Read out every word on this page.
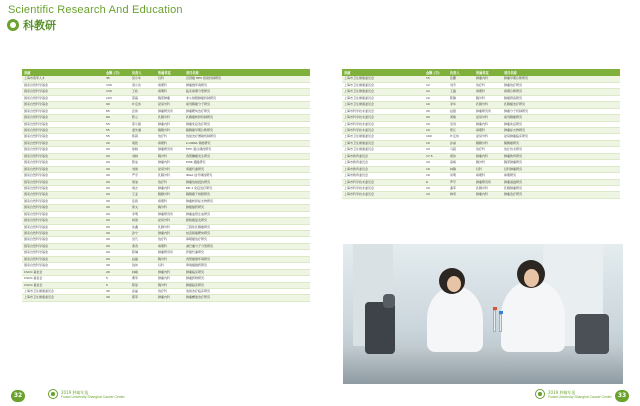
Scientific Research And Education
科教研
来源	金额 (万)	负责人	所属科室	项目名称
上海市领军人才	45	吴小华	妇科	宫颈癌 HPV 感染机制研究
国家自然科学基金	130	蔡小伙	病理科	肿瘤微环境研究
国家自然科学基金	130	王政	病理科	临床病理分型研究
国家自然科学基金	103	邵慈	胸部肿瘤	非小细胞肺癌机制研究
国家自然科学基金	90	叶定伟	泌尿外科	前列腺癌分子研究
国家自然科学基金	65	张智	肿瘤研究所	肿瘤靶向治疗研究
国家自然科学基金	60	陈立	乳腺外科	乳腺癌转移机制研究
国家自然科学基金	55	邵小强	肿瘤内科	肿瘤免疫治疗研究
国家自然科学基金	55	虞先濬	胰腺外科	胰腺癌早期诊断研究
国家自然科学基金	55	陈颖	放疗科	放射治疗增敏机制研究
国家自然科学基金	20	胡欣	病理科	LncRNA 调控研究
国家自然科学基金	20	徐晓	肿瘤研究所	MYC 蛋白调控研究
国家自然科学基金	20	刘枫	胸外科	食管鳞癌发生研究
国家自然科学基金	20	陈成	肿瘤内科	PI3K 通路研究
国家自然科学基金	20	刘建	泌尿外科	肾癌代谢研究
国家自然科学基金	20	严宇	乳腺外科	IRGA 信号调控研究
国家自然科学基金	20	周旭	放疗科	肿瘤放射抵抗研究
国家自然科学基金	20	胡志	肿瘤内科	PD-1 免疫治疗研究
国家自然科学基金	20	王亚	胰腺外科	胰腺癌干细胞研究
国家自然科学基金	20	张毅	病理科	肿瘤转移标志物研究
国家自然科学基金	20	徐文	胸外科	肺癌耐药研究
国家自然科学基金	20	李明	肿瘤研究所	肿瘤血管生成研究
国家自然科学基金	20	杨建	泌尿外科	膀胱癌复发研究
国家自然科学基金	20	沈鑫	乳腺外科	三阴性乳腺癌研究
国家自然科学基金	20	孙宁	肿瘤内科	结直肠癌靶向研究
国家自然科学基金	20	吴凡	放疗科	鼻咽癌放疗研究
国家自然科学基金	20	黄涛	病理科	淋巴瘤分子分型研究
国家自然科学基金	20	陈琳	肿瘤研究所	肝癌代谢研究
国家自然科学基金	20	赵磊	胸外科	食管癌微环境研究
国家自然科学基金	20	钱伟	妇科	卵巢癌耐药研究
CSCO 基金会	20	林峰	肿瘤内科	肿瘤临床研究
CSCO 基金会	5	曹军	肿瘤内科	肿瘤药物研究
CSCO 基金会	5	陈星	胸外科	肺癌临床研究
上海市卫生健康委员会	30	孙晶	放疗科	放射治疗临床研究
上海市卫生健康委员会	30	郭军	肿瘤内科	肿瘤精准治疗研究
来源	金额 (万)	负责人	所属科室	项目名称
上海市卫生健康委员会	15	张鹏	肿瘤内科	肿瘤早期诊断研究
上海市卫生健康委员会	12	刘芳	放疗科	肿瘤放疗研究
上海市卫生健康委员会	12	王磊	病理科	病理诊断研究
上海市卫生健康委员会	10	陈静	胸外科	肺癌筛查研究
上海市卫生健康委员会	10	李华	乳腺外科	乳腺癌治疗研究
上海市科学技术委员会	20	赵强	肿瘤研究所	肿瘤分子机制研究
上海市科学技术委员会	20	周敏	泌尿外科	前列腺癌研究
上海市科学技术委员会	10	吴涛	肿瘤内科	肿瘤免疫研究
上海市科学技术委员会	10	郑红	病理科	肿瘤标志物研究
上海市卫生健康委员会	100	叶定伟	泌尿外科	泌尿肿瘤临床研究
上海市卫生健康委员会	10	孙丽	胰腺外科	胰腺癌研究
上海市卫生健康委员会	10	马超	放疗科	放疗技术研究
上海市教育委员会	17.5	胡伟	肿瘤内科	肿瘤教育研究
上海市教育委员会	10	高峰	胸外科	胸部肿瘤研究
上海市教育委员会	10	林静	妇科	妇科肿瘤研究
上海市教育委员会	10	何明	病理科	病理研究
上海市科学技术委员会	6	罗平	肿瘤研究所	肿瘤基础研究
上海市科学技术委员会	10	谢军	乳腺外科	乳腺肿瘤研究
上海市科学技术委员会	10	韩雪	肿瘤内科	肿瘤治疗研究
32	2019 肿瘤年报
Fudan University Shanghai Cancer Center
2019 肿瘤年报
Fudan University Shanghai Cancer Center	33
